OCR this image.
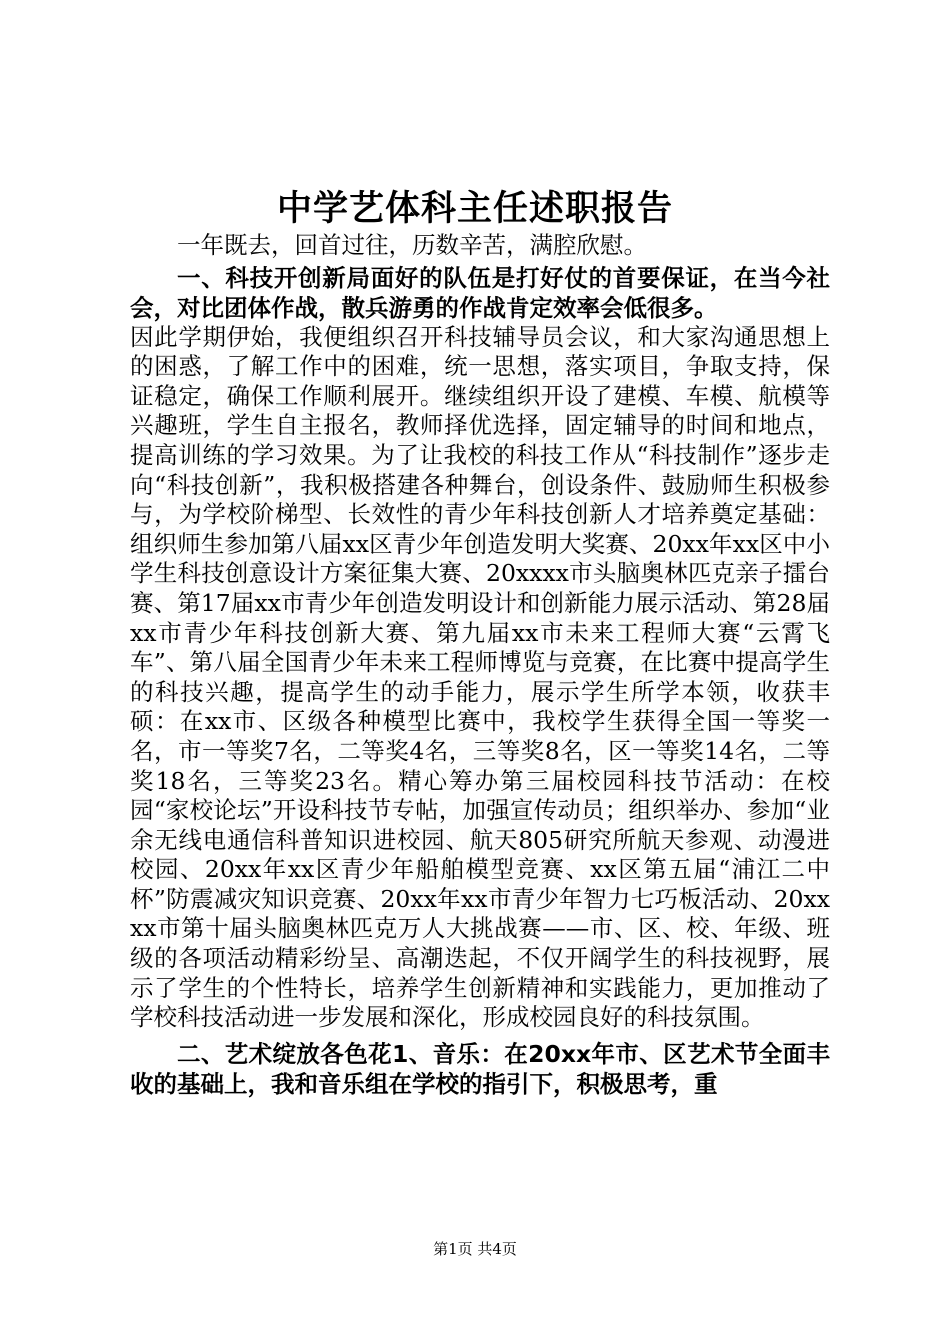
中学艺体科主任述职报告

一年既去，回首过往，历数辛苦，满腔欣慰。

一、科技开创新局面好的队伍是打好仗的首要保证，在当今社会，对比团体作战，散兵游勇的作战肯定效率会低很多。

因此学期伊始，我便组织召开科技辅导员会议，和大家沟通思想上的困惑，了解工作中的困难，统一思想，落实项目，争取支持，保证稳定，确保工作顺利展开。继续组织开设了建模、车模、航模等兴趣班，学生自主报名，教师择优选择，固定辅导的时间和地点，提高训练的学习效果。为了让我校的科技工作从“科技制作”逐步走向“科技创新”，我积极搭建各种舞台，创设条件、鼓励师生积极参与，为学校阶梯型、长效性的青少年科技创新人才培养奠定基础：组织师生参加第八届xx区青少年创造发明大奖赛、20xx年xx区中小学生科技创意设计方案征集大赛、20xxxx市头脑奥林匹克亲子擂台赛、第17届xx市青少年创造发明设计和创新能力展示活动、第28届xx市青少年科技创新大赛、第九届xx市未来工程师大赛“云霄飞车”、第八届全国青少年未来工程师博览与竞赛，在比赛中提高学生的科技兴趣，提高学生的动手能力，展示学生所学本领，收获丰硕：在xx市、区级各种模型比赛中，我校学生获得全国一等奖一名，市一等奖7名，二等奖4名，三等奖8名，区一等奖14名，二等奖18名，三等奖23名。精心筹办第三届校园科技节活动：在校园“家校论坛”开设科技节专帖，加强宣传动员；组织举办、参加“业余无线电通信科普知识进校园、航天805研究所航天参观、动漫进校园、20xx年xx区青少年船舶模型竞赛、xx区第五届“浦江二中杯”防震减灾知识竞赛、20xx年xx市青少年智力七巧板活动、20xxxx市第十届头脑奥林匹克万人大挑战赛——市、区、校、年级、班级的各项活动精彩纷呈、高潮迭起，不仅开阔学生的科技视野，展示了学生的个性特长，培养学生创新精神和实践能力，更加推动了学校科技活动进一步发展和深化，形成校园良好的科技氛围。

二、艺术绽放各色花1、音乐：在20xx年市、区艺术节全面丰收的基础上，我和音乐组在学校的指引下，积极思考，重

第1页 共4页
